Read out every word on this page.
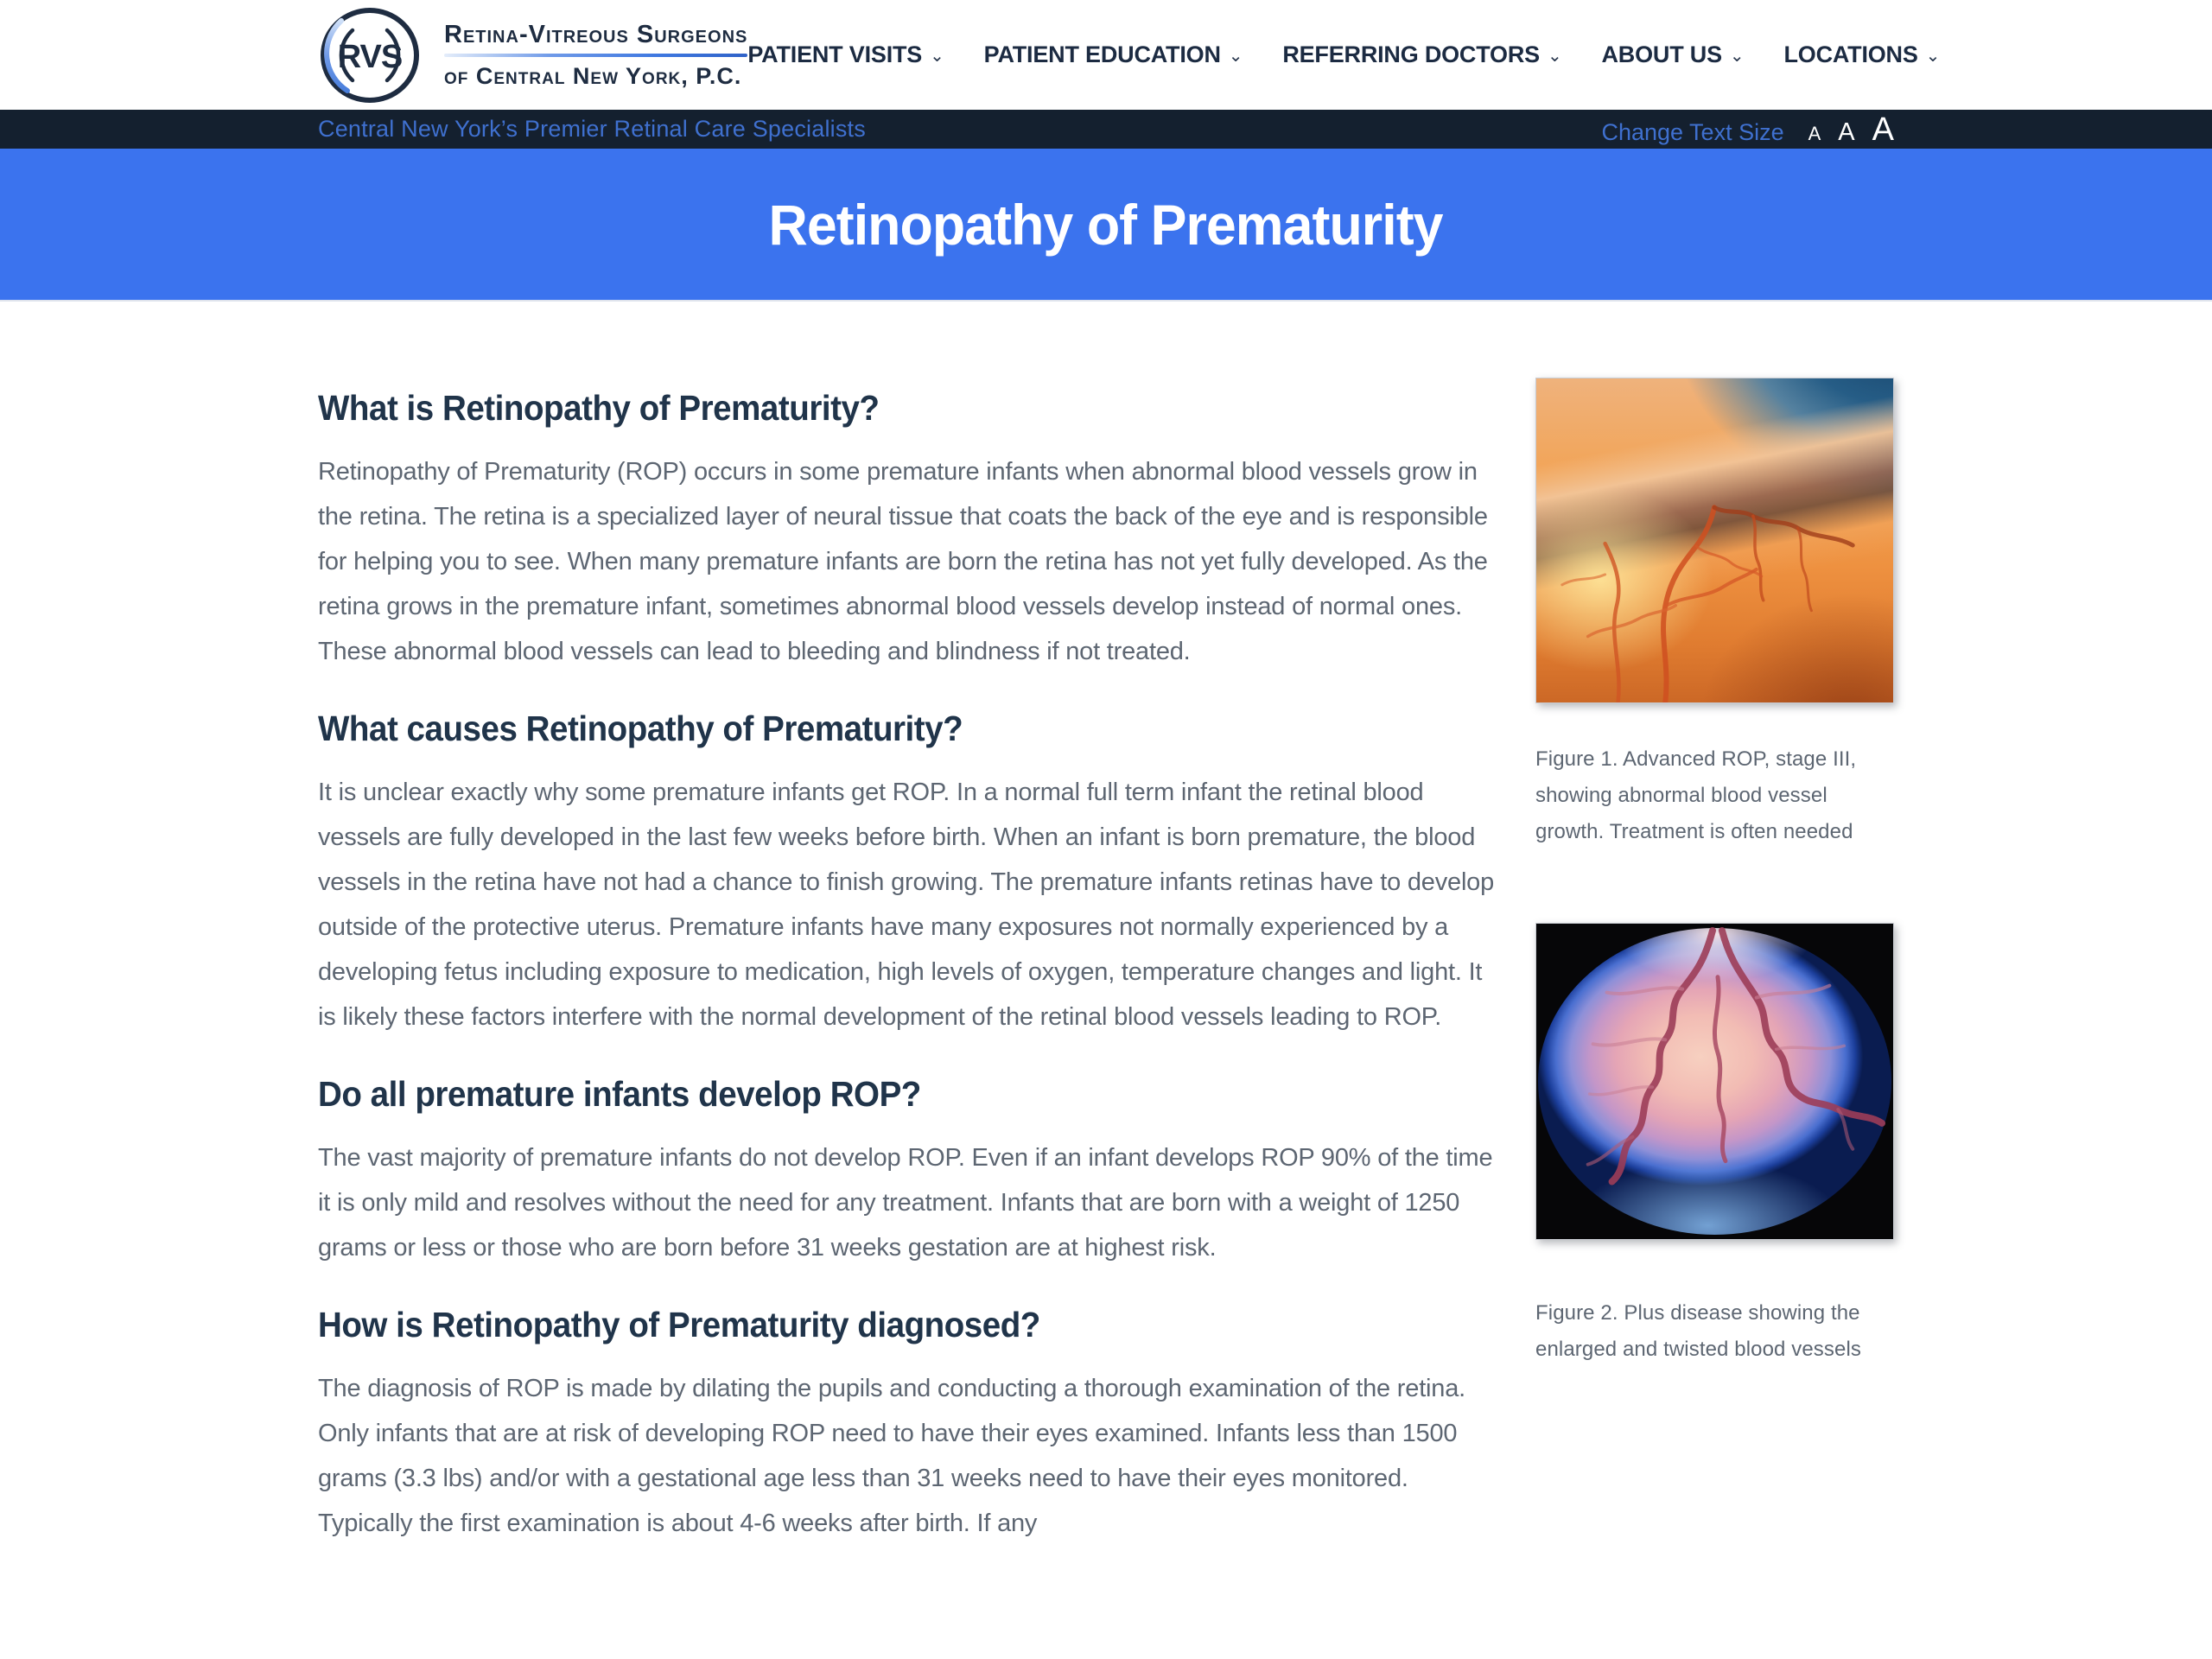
RVS
Retina-Vitreous Surgeons
of Central New York, P.C.
PATIENT VISITS ⌄ PATIENT EDUCATION ⌄ REFERRING DOCTORS ⌄ ABOUT US ⌄ LOCATIONS ⌄
Central New York’s Premier Retinal Care Specialists	Change Text Size A A A
Retinopathy of Prematurity
What is Retinopathy of Prematurity?

Retinopathy of Prematurity (ROP) occurs in some premature infants when abnormal blood vessels grow in the retina. The retina is a specialized layer of neural tissue that coats the back of the eye and is responsible for helping you to see. When many premature infants are born the retina has not yet fully developed. As the retina grows in the premature infant, sometimes abnormal blood vessels develop instead of normal ones. These abnormal blood vessels can lead to bleeding and blindness if not treated.

What causes Retinopathy of Prematurity?

It is unclear exactly why some premature infants get ROP. In a normal full term infant the retinal blood vessels are fully developed in the last few weeks before birth. When an infant is born premature, the blood vessels in the retina have not had a chance to finish growing. The premature infants retinas have to develop outside of the protective uterus. Premature infants have many exposures not normally experienced by a developing fetus including exposure to medication, high levels of oxygen, temperature changes and light. It is likely these factors interfere with the normal development of the retinal blood vessels leading to ROP.

Do all premature infants develop ROP?

The vast majority of premature infants do not develop ROP. Even if an infant develops ROP 90% of the time it is only mild and resolves without the need for any treatment. Infants that are born with a weight of 1250 grams or less or those who are born before 31 weeks gestation are at highest risk.

How is Retinopathy of Prematurity diagnosed?

The diagnosis of ROP is made by dilating the pupils and conducting a thorough examination of the retina. Only infants that are at risk of developing ROP need to have their eyes examined. Infants less than 1500 grams (3.3 lbs) and/or with a gestational age less than 31 weeks need to have their eyes monitored. Typically the first examination is about 4-6 weeks after birth. If any

Figure 1. Advanced ROP, stage III, showing abnormal blood vessel growth. Treatment is often needed
Figure 2. Plus disease showing the enlarged and twisted blood vessels
